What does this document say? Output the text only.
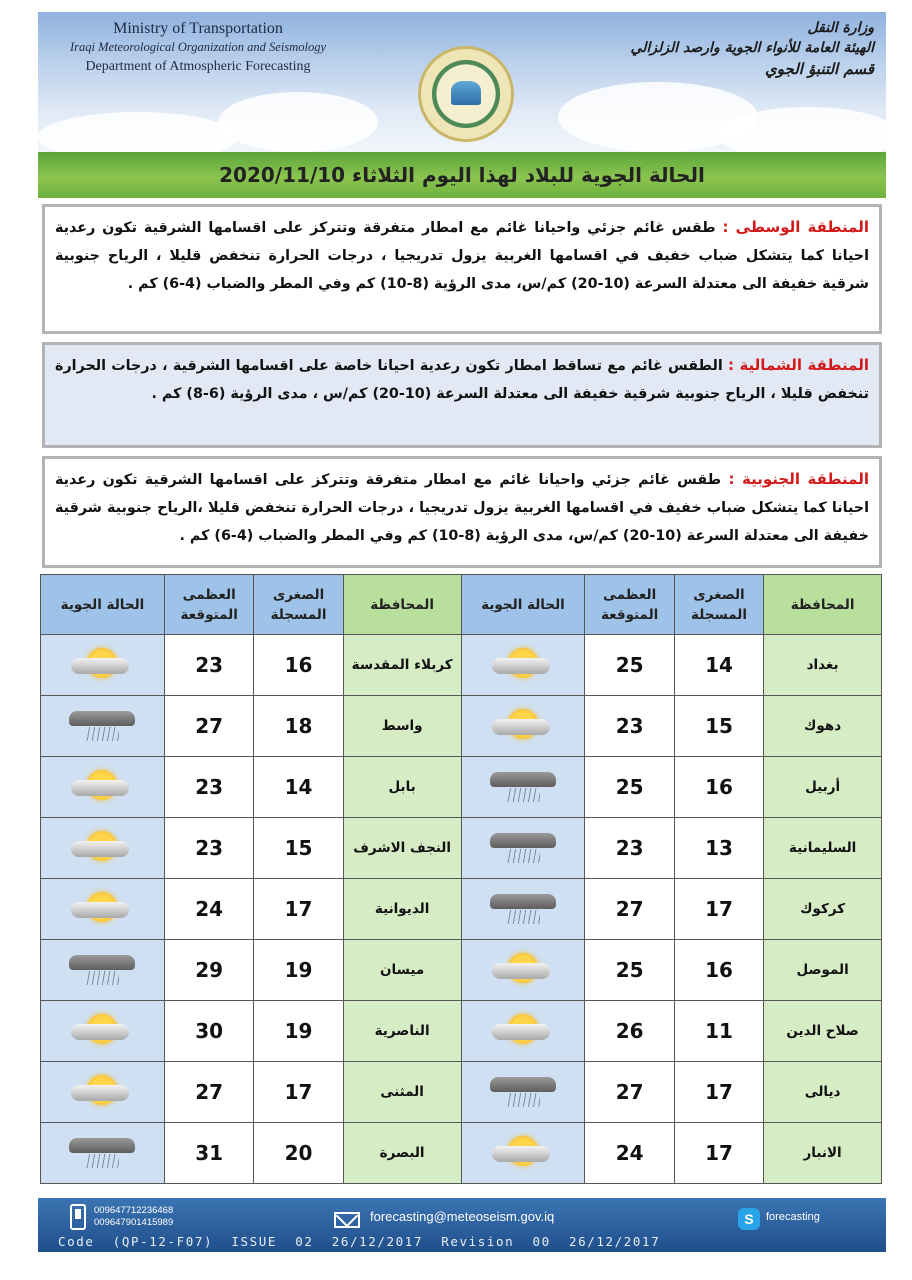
Ministry of Transportation
Iraqi Meteorological Organization and Seismology
Department of Atmospheric Forecasting
وزارة النقل
الهيئة العامة للأنواء الجوية وارصد الزلزالي
قسم التنبؤ الجوي
الحالة الجوية للبلاد لهذا اليوم الثلاثاء 2020/11/10
المنطقة الوسطى : طقس غائم جزئي واحيانا غائم مع امطار متفرقة وتتركز على اقسامها الشرقية تكون رعدية احيانا كما يتشكل ضباب خفيف في اقسامها الغربية يزول تدريجيا ، درجات الحرارة تنخفض قليلا ، الرياح جنوبية شرقية خفيفة الى معتدلة السرعة (10-20) كم/س، مدى الرؤية (8-10) كم وفي المطر والضباب (4-6) كم .
المنطقة الشمالية : الطقس غائم مع تساقط امطار تكون رعدية احيانا خاصة على اقسامها الشرقية ، درجات الحرارة تنخفض قليلا ، الرياح جنوبية شرقية خفيفة الى معتدلة السرعة (10-20) كم/س ، مدى الرؤية (6-8) كم .
المنطقة الجنوبية : طقس غائم جزئي واحيانا غائم مع امطار متفرقة وتتركز على اقسامها الشرقية تكون رعدية احيانا كما يتشكل ضباب خفيف في اقسامها الغربية يزول تدريجيا ، درجات الحرارة تنخفض قليلا ،الرياح جنوبية شرقية خفيفة الى معتدلة السرعة (10-20) كم/س، مدى الرؤية (8-10) كم وفي المطر والضباب (4-6) كم .
المحافظة	الصغرى المسجلة	العظمى المتوقعة	الحالة الجوية	المحافظة	الصغرى المسجلة	العظمى المتوقعة	الحالة الجوية
بغداد	14	25		كربلاء المقدسة	16	23	

دهوك	15	23		واسط	18	27	

أربيل	16	25		بابل	14	23	

السليمانية	13	23		النجف الاشرف	15	23	

كركوك	17	27		الديوانية	17	24	

الموصل	16	25		ميسان	19	29	

صلاح الدين	11	26		الناصرية	19	30	

ديالى	17	27		المثنى	17	27	

الانبار	17	24		البصرة	20	31	
009647712236468
009647901415989	forecasting@meteoseism.gov.iq	S	forecasting
Code  (QP-12-F07)  ISSUE  02  26/12/2017  Revision  00  26/12/2017
